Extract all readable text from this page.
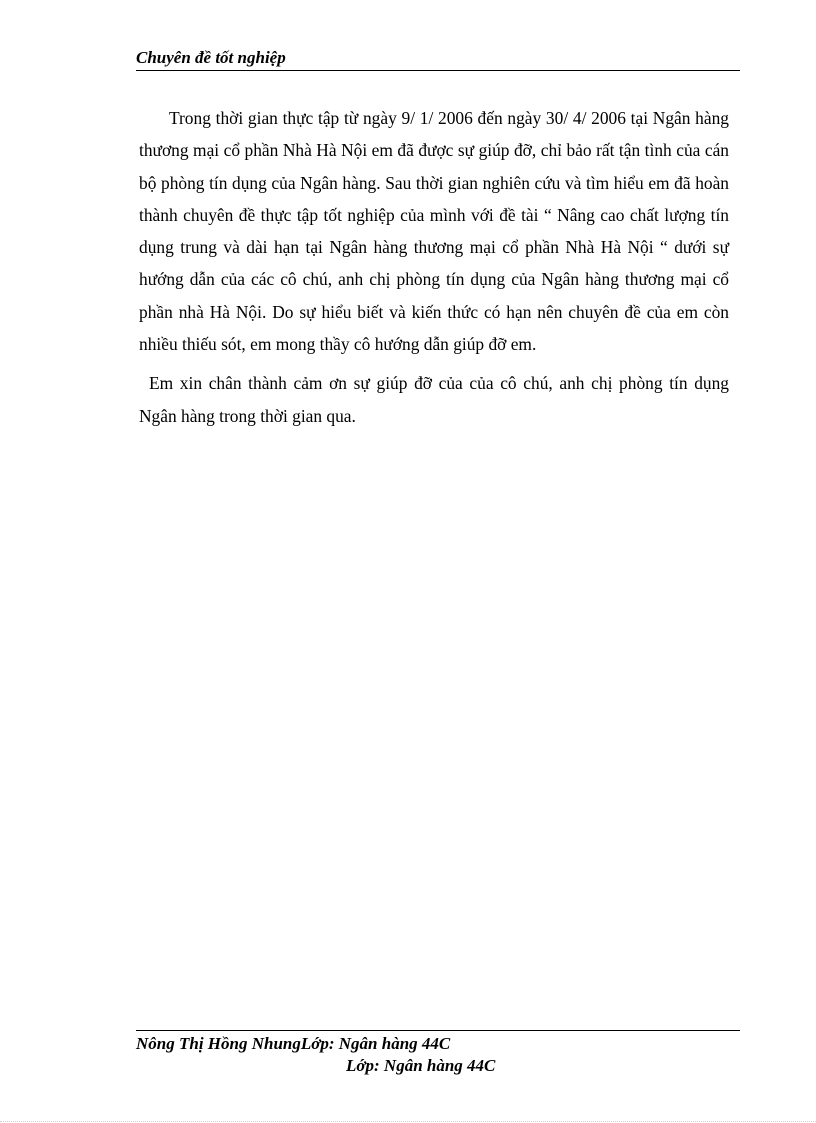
Chuyên đề tốt nghiệp

Trong thời gian thực tập từ ngày 9/ 1/ 2006 đến ngày 30/ 4/ 2006 tại Ngân hàng thương mại cổ phần Nhà Hà Nội em đã được sự giúp đỡ, chỉ bảo rất tận tình của cán bộ phòng tín dụng của Ngân hàng. Sau thời gian nghiên cứu và tìm hiểu em đã hoàn thành chuyên đề thực tập tốt nghiệp của mình với đề tài “ Nâng cao chất lượng tín dụng trung và dài hạn tại Ngân hàng thương mại cổ phần Nhà Hà Nội “ dưới sự hướng dẫn của các cô chú, anh chị phòng tín dụng của Ngân hàng thương mại cổ phần nhà Hà Nội. Do sự hiểu biết và kiến thức có hạn nên chuyên đề của em còn nhiều thiếu sót, em mong thầy cô hướng dẫn giúp đỡ em.

Em xin chân thành cảm ơn sự giúp đỡ của của cô chú, anh chị phòng tín dụng Ngân hàng trong thời gian qua.

Nông Thị Hồng NhungLớp: Ngân hàng 44C
Lớp: Ngân hàng 44C
